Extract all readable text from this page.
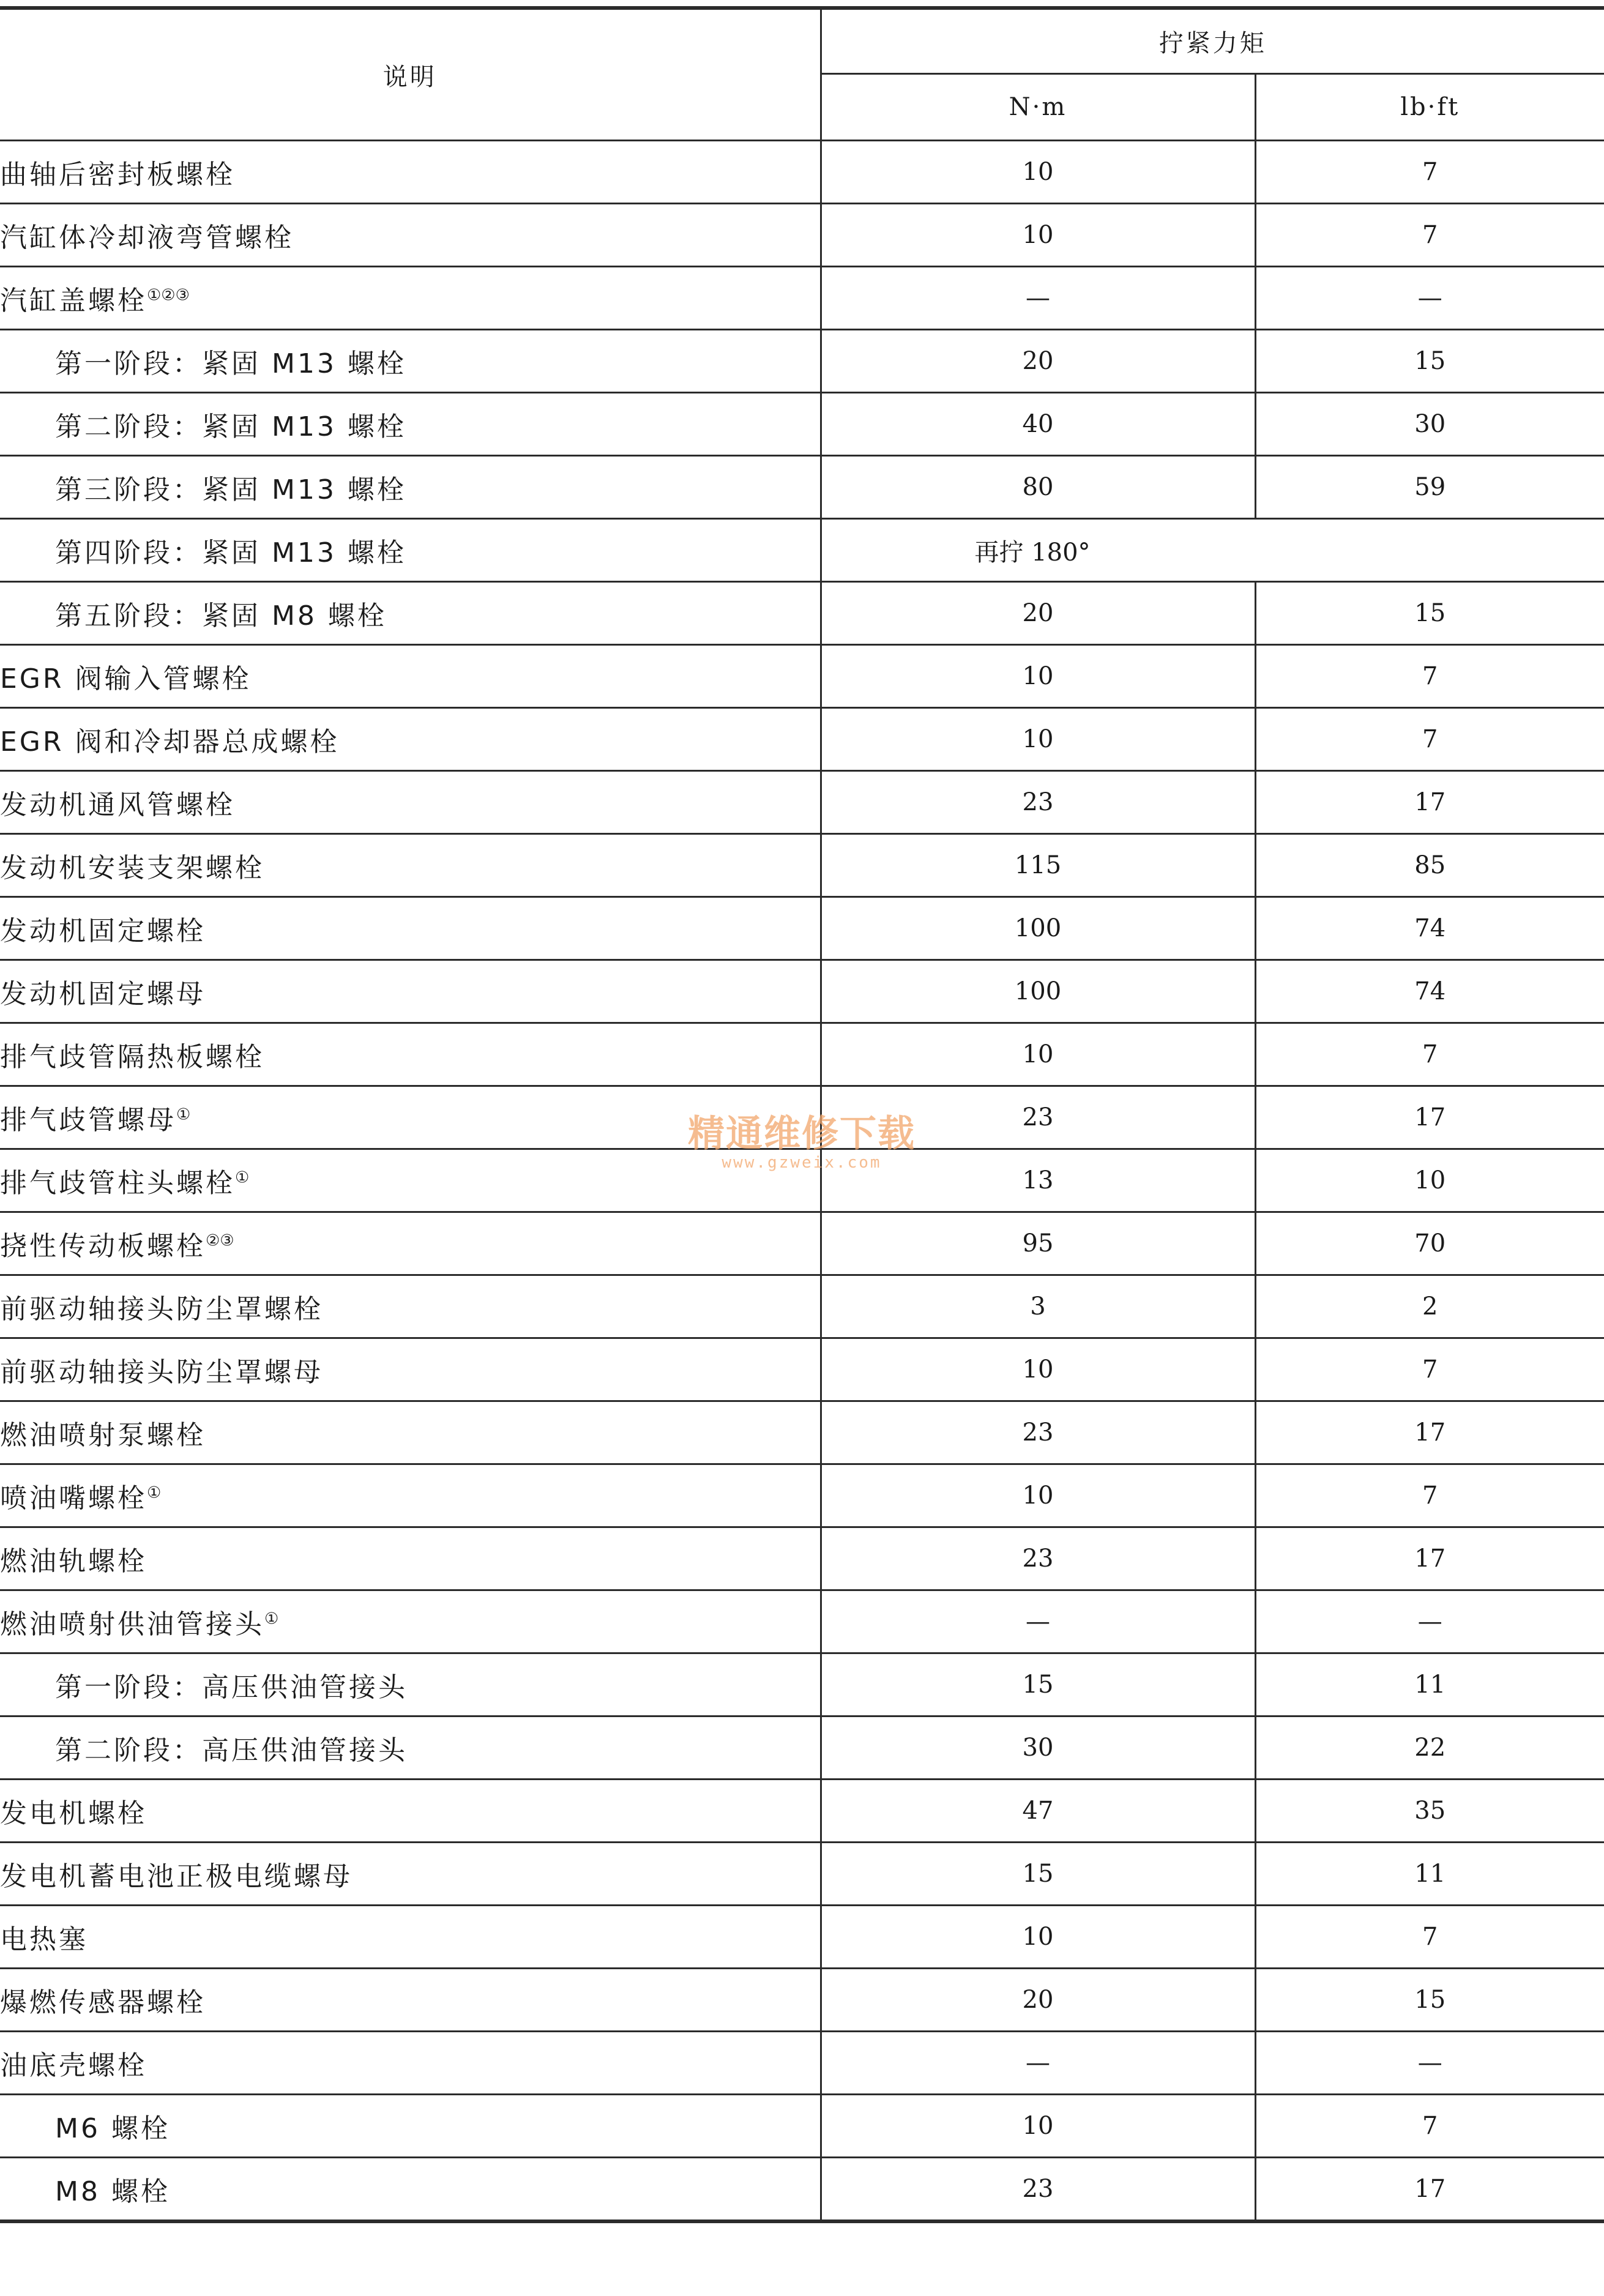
说明	拧紧力矩	
	N·m	lb·ft
曲轴后密封板螺栓	10	7
汽缸体冷却液弯管螺栓	10	7
汽缸盖螺栓①②③	—	—
第一阶段：紧固 M13 螺栓	20	15
第二阶段：紧固 M13 螺栓	40	30
第三阶段：紧固 M13 螺栓	80	59
第四阶段：紧固 M13 螺栓	再拧 180°	
第五阶段：紧固 M8 螺栓	20	15
EGR 阀输入管螺栓	10	7
EGR 阀和冷却器总成螺栓	10	7
发动机通风管螺栓	23	17
发动机安装支架螺栓	115	85
发动机固定螺栓	100	74
发动机固定螺母	100	74
排气歧管隔热板螺栓	10	7
排气歧管螺母①	23	17
排气歧管柱头螺栓①	13	10
挠性传动板螺栓②③	95	70
前驱动轴接头防尘罩螺栓	3	2
前驱动轴接头防尘罩螺母	10	7
燃油喷射泵螺栓	23	17
喷油嘴螺栓①	10	7
燃油轨螺栓	23	17
燃油喷射供油管接头①	—	—
第一阶段：高压供油管接头	15	11
第二阶段：高压供油管接头	30	22
发电机螺栓	47	35
发电机蓄电池正极电缆螺母	15	11
电热塞	10	7
爆燃传感器螺栓	20	15
油底壳螺栓	—	—
M6 螺栓	10	7
M8 螺栓	23	17
精通维修下载
www.gzweix.com
